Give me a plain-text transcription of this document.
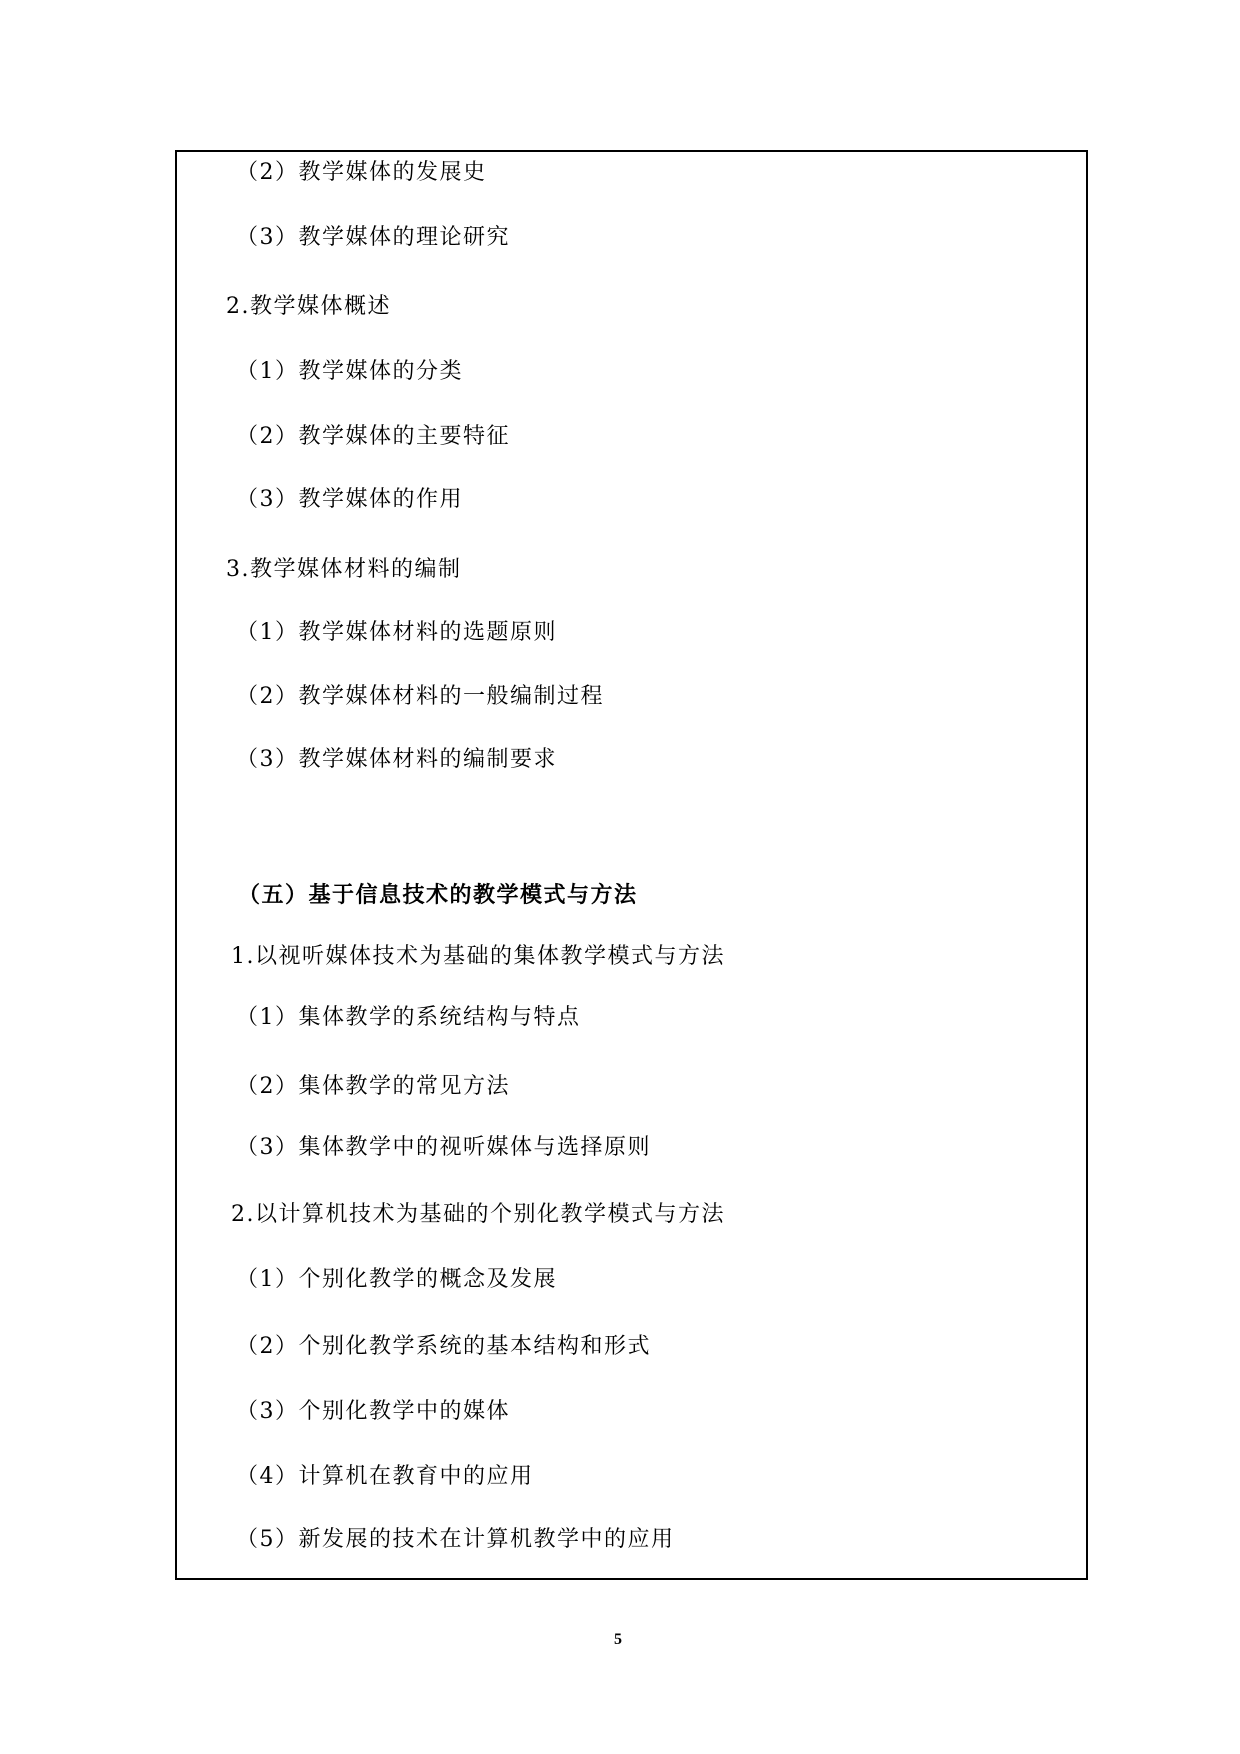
（2）教学媒体的发展史
（3）教学媒体的理论研究
2.教学媒体概述
（1）教学媒体的分类
（2）教学媒体的主要特征
（3）教学媒体的作用
3.教学媒体材料的编制
（1）教学媒体材料的选题原则
（2）教学媒体材料的一般编制过程
（3）教学媒体材料的编制要求
（五）基于信息技术的教学模式与方法
1.以视听媒体技术为基础的集体教学模式与方法
（1）集体教学的系统结构与特点
（2）集体教学的常见方法
（3）集体教学中的视听媒体与选择原则
2.以计算机技术为基础的个别化教学模式与方法
（1）个别化教学的概念及发展
（2）个别化教学系统的基本结构和形式
（3）个别化教学中的媒体
（4）计算机在教育中的应用
（5）新发展的技术在计算机教学中的应用
5
